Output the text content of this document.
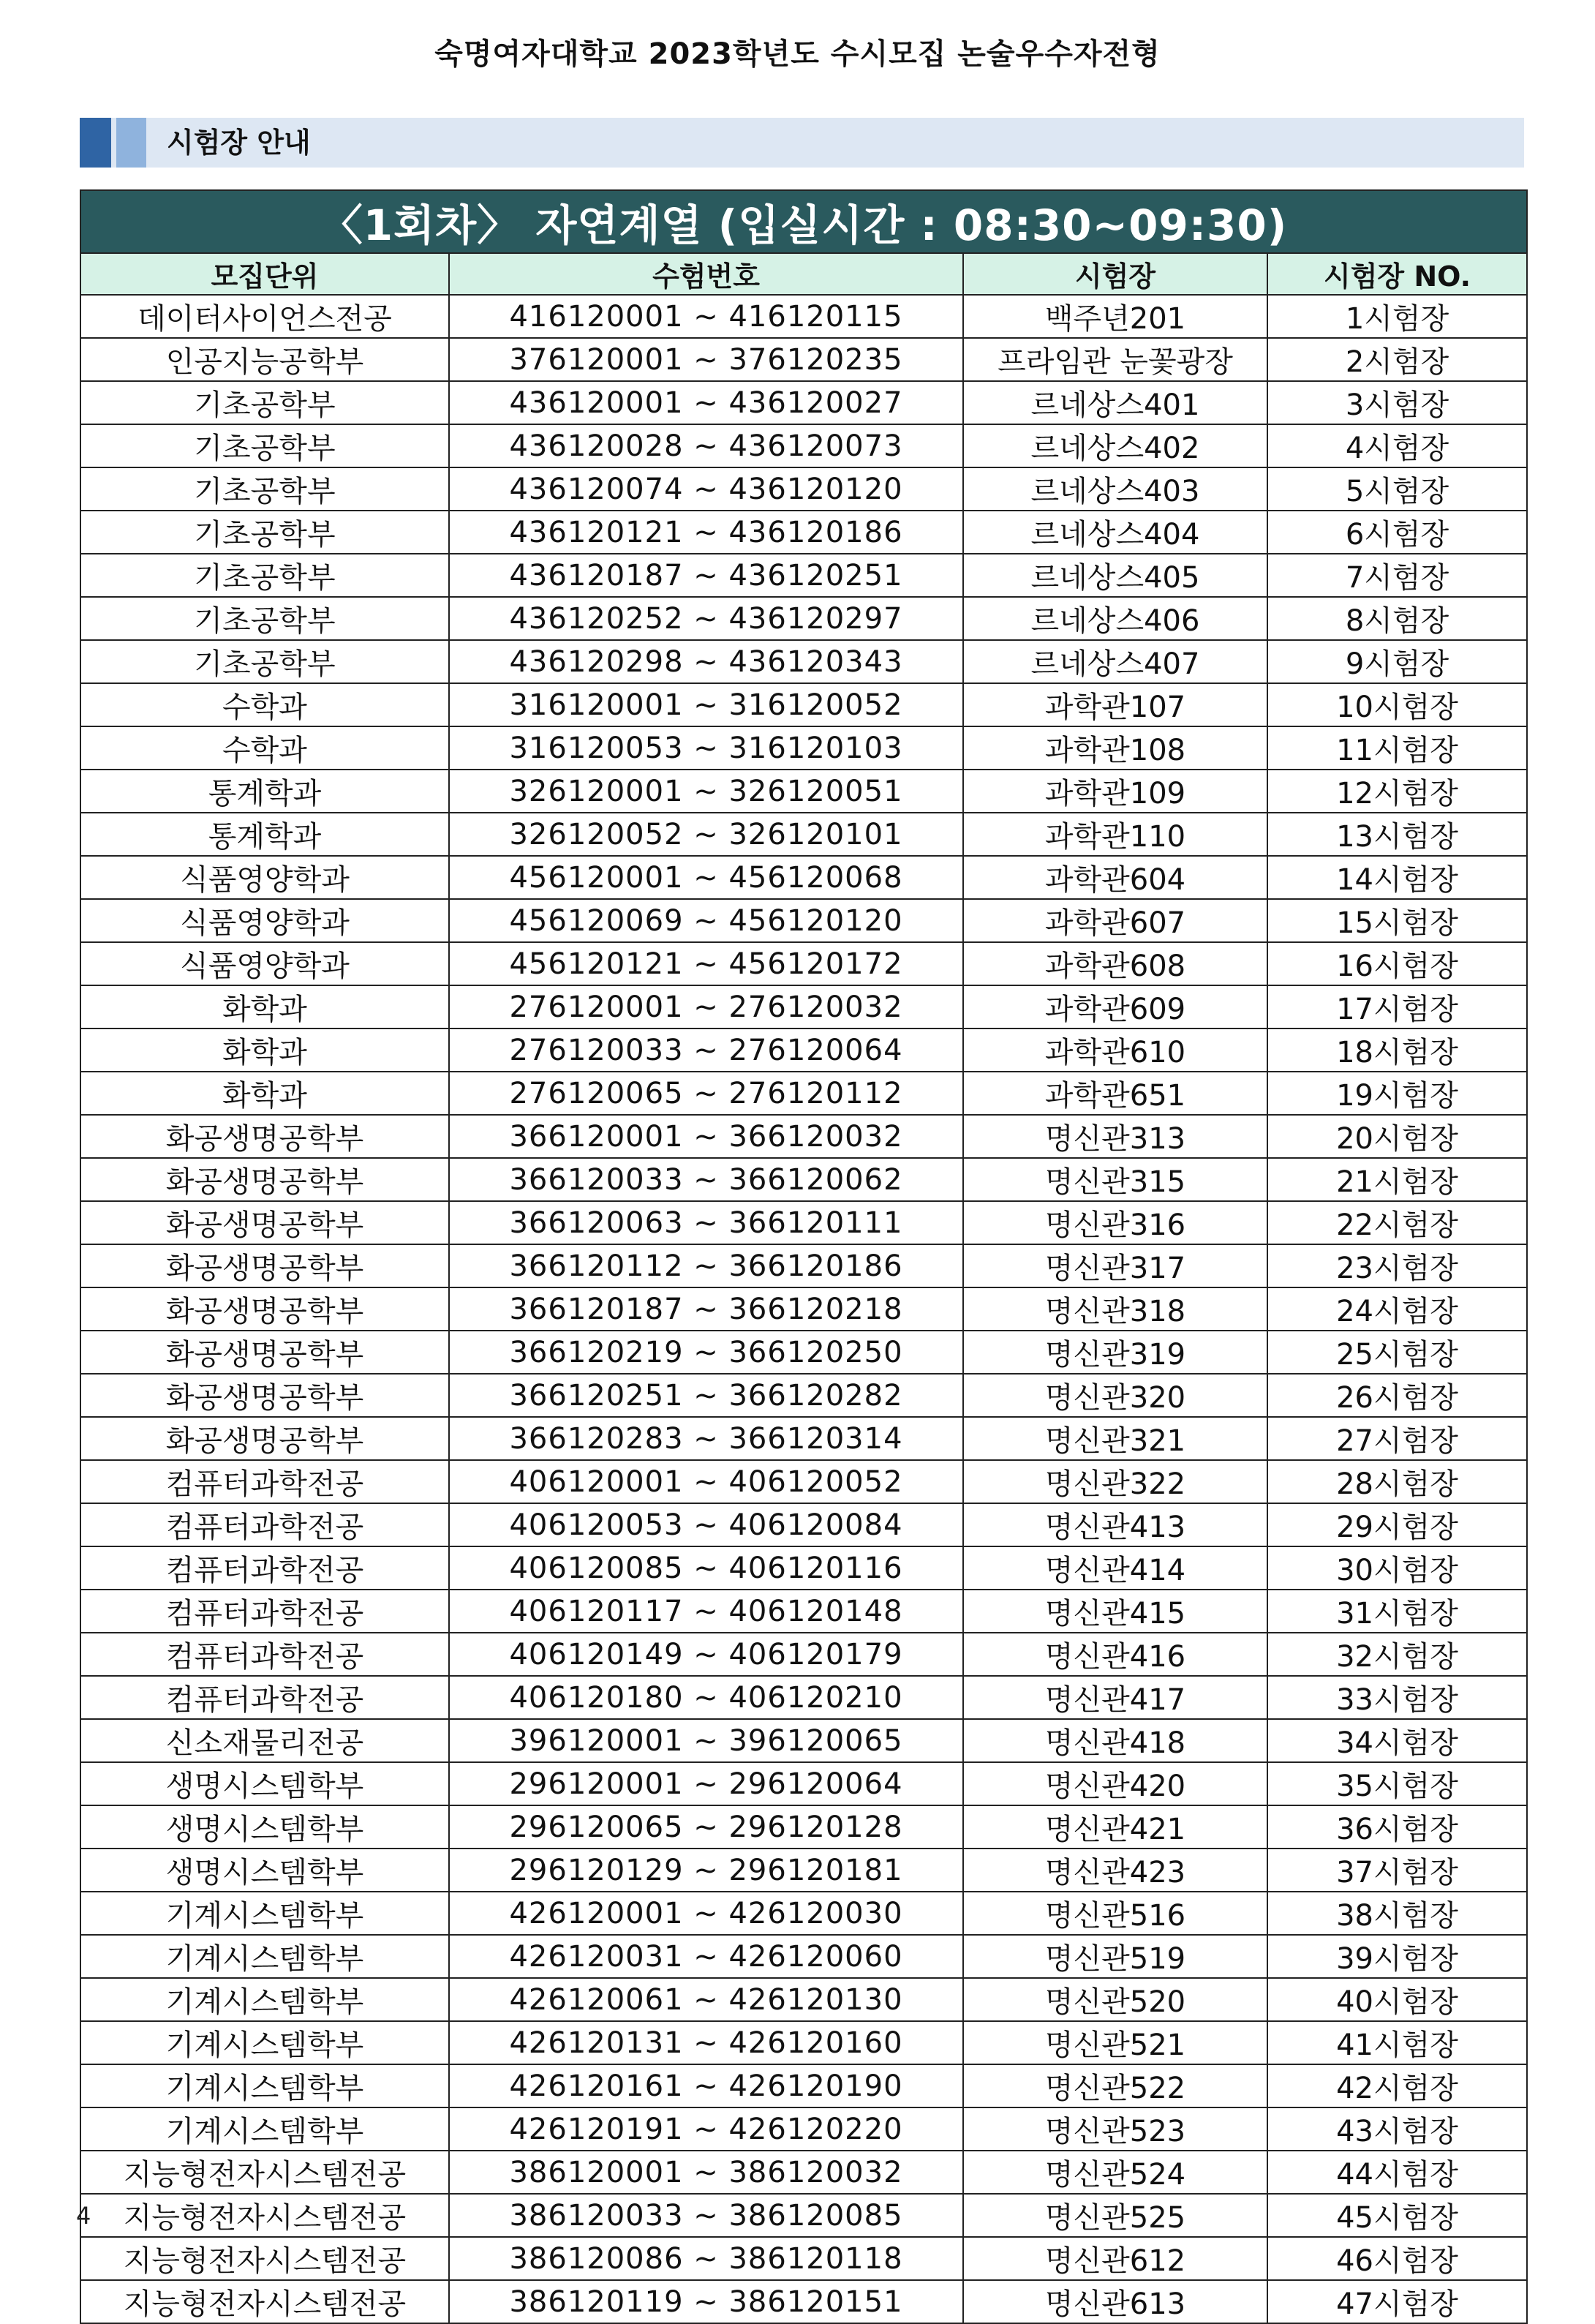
숙명여자대학교 2023학년도 수시모집 논술우수자전형
시험장 안내
〈1회차〉 자연계열 (입실시간 : 08:30~09:30)			
모집단위	수험번호	시험장	시험장 NO.
데이터사이언스전공	416120001 ~ 416120115	백주년201	1시험장
인공지능공학부	376120001 ~ 376120235	프라임관 눈꽃광장	2시험장
기초공학부	436120001 ~ 436120027	르네상스401	3시험장
기초공학부	436120028 ~ 436120073	르네상스402	4시험장
기초공학부	436120074 ~ 436120120	르네상스403	5시험장
기초공학부	436120121 ~ 436120186	르네상스404	6시험장
기초공학부	436120187 ~ 436120251	르네상스405	7시험장
기초공학부	436120252 ~ 436120297	르네상스406	8시험장
기초공학부	436120298 ~ 436120343	르네상스407	9시험장
수학과	316120001 ~ 316120052	과학관107	10시험장
수학과	316120053 ~ 316120103	과학관108	11시험장
통계학과	326120001 ~ 326120051	과학관109	12시험장
통계학과	326120052 ~ 326120101	과학관110	13시험장
식품영양학과	456120001 ~ 456120068	과학관604	14시험장
식품영양학과	456120069 ~ 456120120	과학관607	15시험장
식품영양학과	456120121 ~ 456120172	과학관608	16시험장
화학과	276120001 ~ 276120032	과학관609	17시험장
화학과	276120033 ~ 276120064	과학관610	18시험장
화학과	276120065 ~ 276120112	과학관651	19시험장
화공생명공학부	366120001 ~ 366120032	명신관313	20시험장
화공생명공학부	366120033 ~ 366120062	명신관315	21시험장
화공생명공학부	366120063 ~ 366120111	명신관316	22시험장
화공생명공학부	366120112 ~ 366120186	명신관317	23시험장
화공생명공학부	366120187 ~ 366120218	명신관318	24시험장
화공생명공학부	366120219 ~ 366120250	명신관319	25시험장
화공생명공학부	366120251 ~ 366120282	명신관320	26시험장
화공생명공학부	366120283 ~ 366120314	명신관321	27시험장
컴퓨터과학전공	406120001 ~ 406120052	명신관322	28시험장
컴퓨터과학전공	406120053 ~ 406120084	명신관413	29시험장
컴퓨터과학전공	406120085 ~ 406120116	명신관414	30시험장
컴퓨터과학전공	406120117 ~ 406120148	명신관415	31시험장
컴퓨터과학전공	406120149 ~ 406120179	명신관416	32시험장
컴퓨터과학전공	406120180 ~ 406120210	명신관417	33시험장
신소재물리전공	396120001 ~ 396120065	명신관418	34시험장
생명시스템학부	296120001 ~ 296120064	명신관420	35시험장
생명시스템학부	296120065 ~ 296120128	명신관421	36시험장
생명시스템학부	296120129 ~ 296120181	명신관423	37시험장
기계시스템학부	426120001 ~ 426120030	명신관516	38시험장
기계시스템학부	426120031 ~ 426120060	명신관519	39시험장
기계시스템학부	426120061 ~ 426120130	명신관520	40시험장
기계시스템학부	426120131 ~ 426120160	명신관521	41시험장
기계시스템학부	426120161 ~ 426120190	명신관522	42시험장
기계시스템학부	426120191 ~ 426120220	명신관523	43시험장
지능형전자시스템전공	386120001 ~ 386120032	명신관524	44시험장
지능형전자시스템전공	386120033 ~ 386120085	명신관525	45시험장
지능형전자시스템전공	386120086 ~ 386120118	명신관612	46시험장
지능형전자시스템전공	386120119 ~ 386120151	명신관613	47시험장
4
